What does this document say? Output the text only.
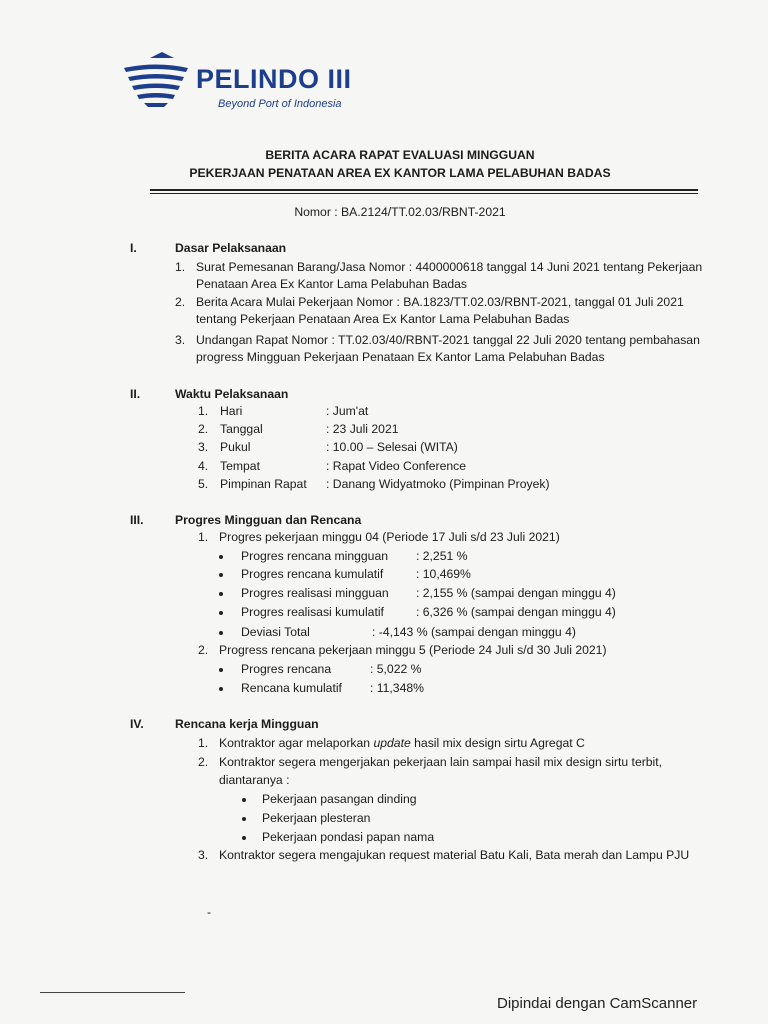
PELINDO III
Beyond Port of Indonesia
BERITA ACARA RAPAT EVALUASI MINGGUAN
PEKERJAAN PENATAAN AREA EX KANTOR LAMA PELABUHAN BADAS
Nomor : BA.2124/TT.02.03/RBNT-2021
I.	Dasar Pelaksanaan
1. Surat Pemesanan Barang/Jasa Nomor : 4400000618 tanggal 14 Juni 2021 tentang Pekerjaan
Penataan Area Ex Kantor Lama Pelabuhan Badas
2. Berita Acara Mulai Pekerjaan Nomor : BA.1823/TT.02.03/RBNT-2021, tanggal 01 Juli 2021
tentang Pekerjaan Penataan Area Ex Kantor Lama Pelabuhan Badas
3. Undangan Rapat Nomor : TT.02.03/40/RBNT-2021 tanggal 22 Juli 2020 tentang pembahasan
progress Mingguan Pekerjaan Penataan Ex Kantor Lama Pelabuhan Badas
II.	Waktu Pelaksanaan
1. Hari	: Jum'at
2. Tanggal	: 23 Juli 2021
3. Pukul	: 10.00 – Selesai (WITA)
4. Tempat	: Rapat Video Conference
5. Pimpinan Rapat : Danang Widyatmoko (Pimpinan Proyek)
III.	Progres Mingguan dan Rencana
1. Progres pekerjaan minggu 04 (Periode 17 Juli s/d 23 Juli 2021)
Progres rencana mingguan : 2,251 %
Progres rencana kumulatif	: 10,469%
Progres realisasi mingguan : 2,155 % (sampai dengan minggu 4)
Progres realisasi kumulatif	: 6,326 % (sampai dengan minggu 4)
Deviasi Total	: -4,143 % (sampai dengan minggu 4)
2. Progress rencana pekerjaan minggu 5 (Periode 24 Juli s/d 30 Juli 2021)
Progres rencana	: 5,022 %
Rencana kumulatif : 11,348%
IV.	Rencana kerja Mingguan
1. Kontraktor agar melaporkan update hasil mix design sirtu Agregat C
2. Kontraktor segera mengerjakan pekerjaan lain sampai hasil mix design sirtu terbit,
diantaranya :
Pekerjaan pasangan dinding
Pekerjaan plesteran
Pekerjaan pondasi papan nama
3. Kontraktor segera mengajukan request material Batu Kali, Bata merah dan Lampu PJU
-
Dipindai dengan CamScanner
